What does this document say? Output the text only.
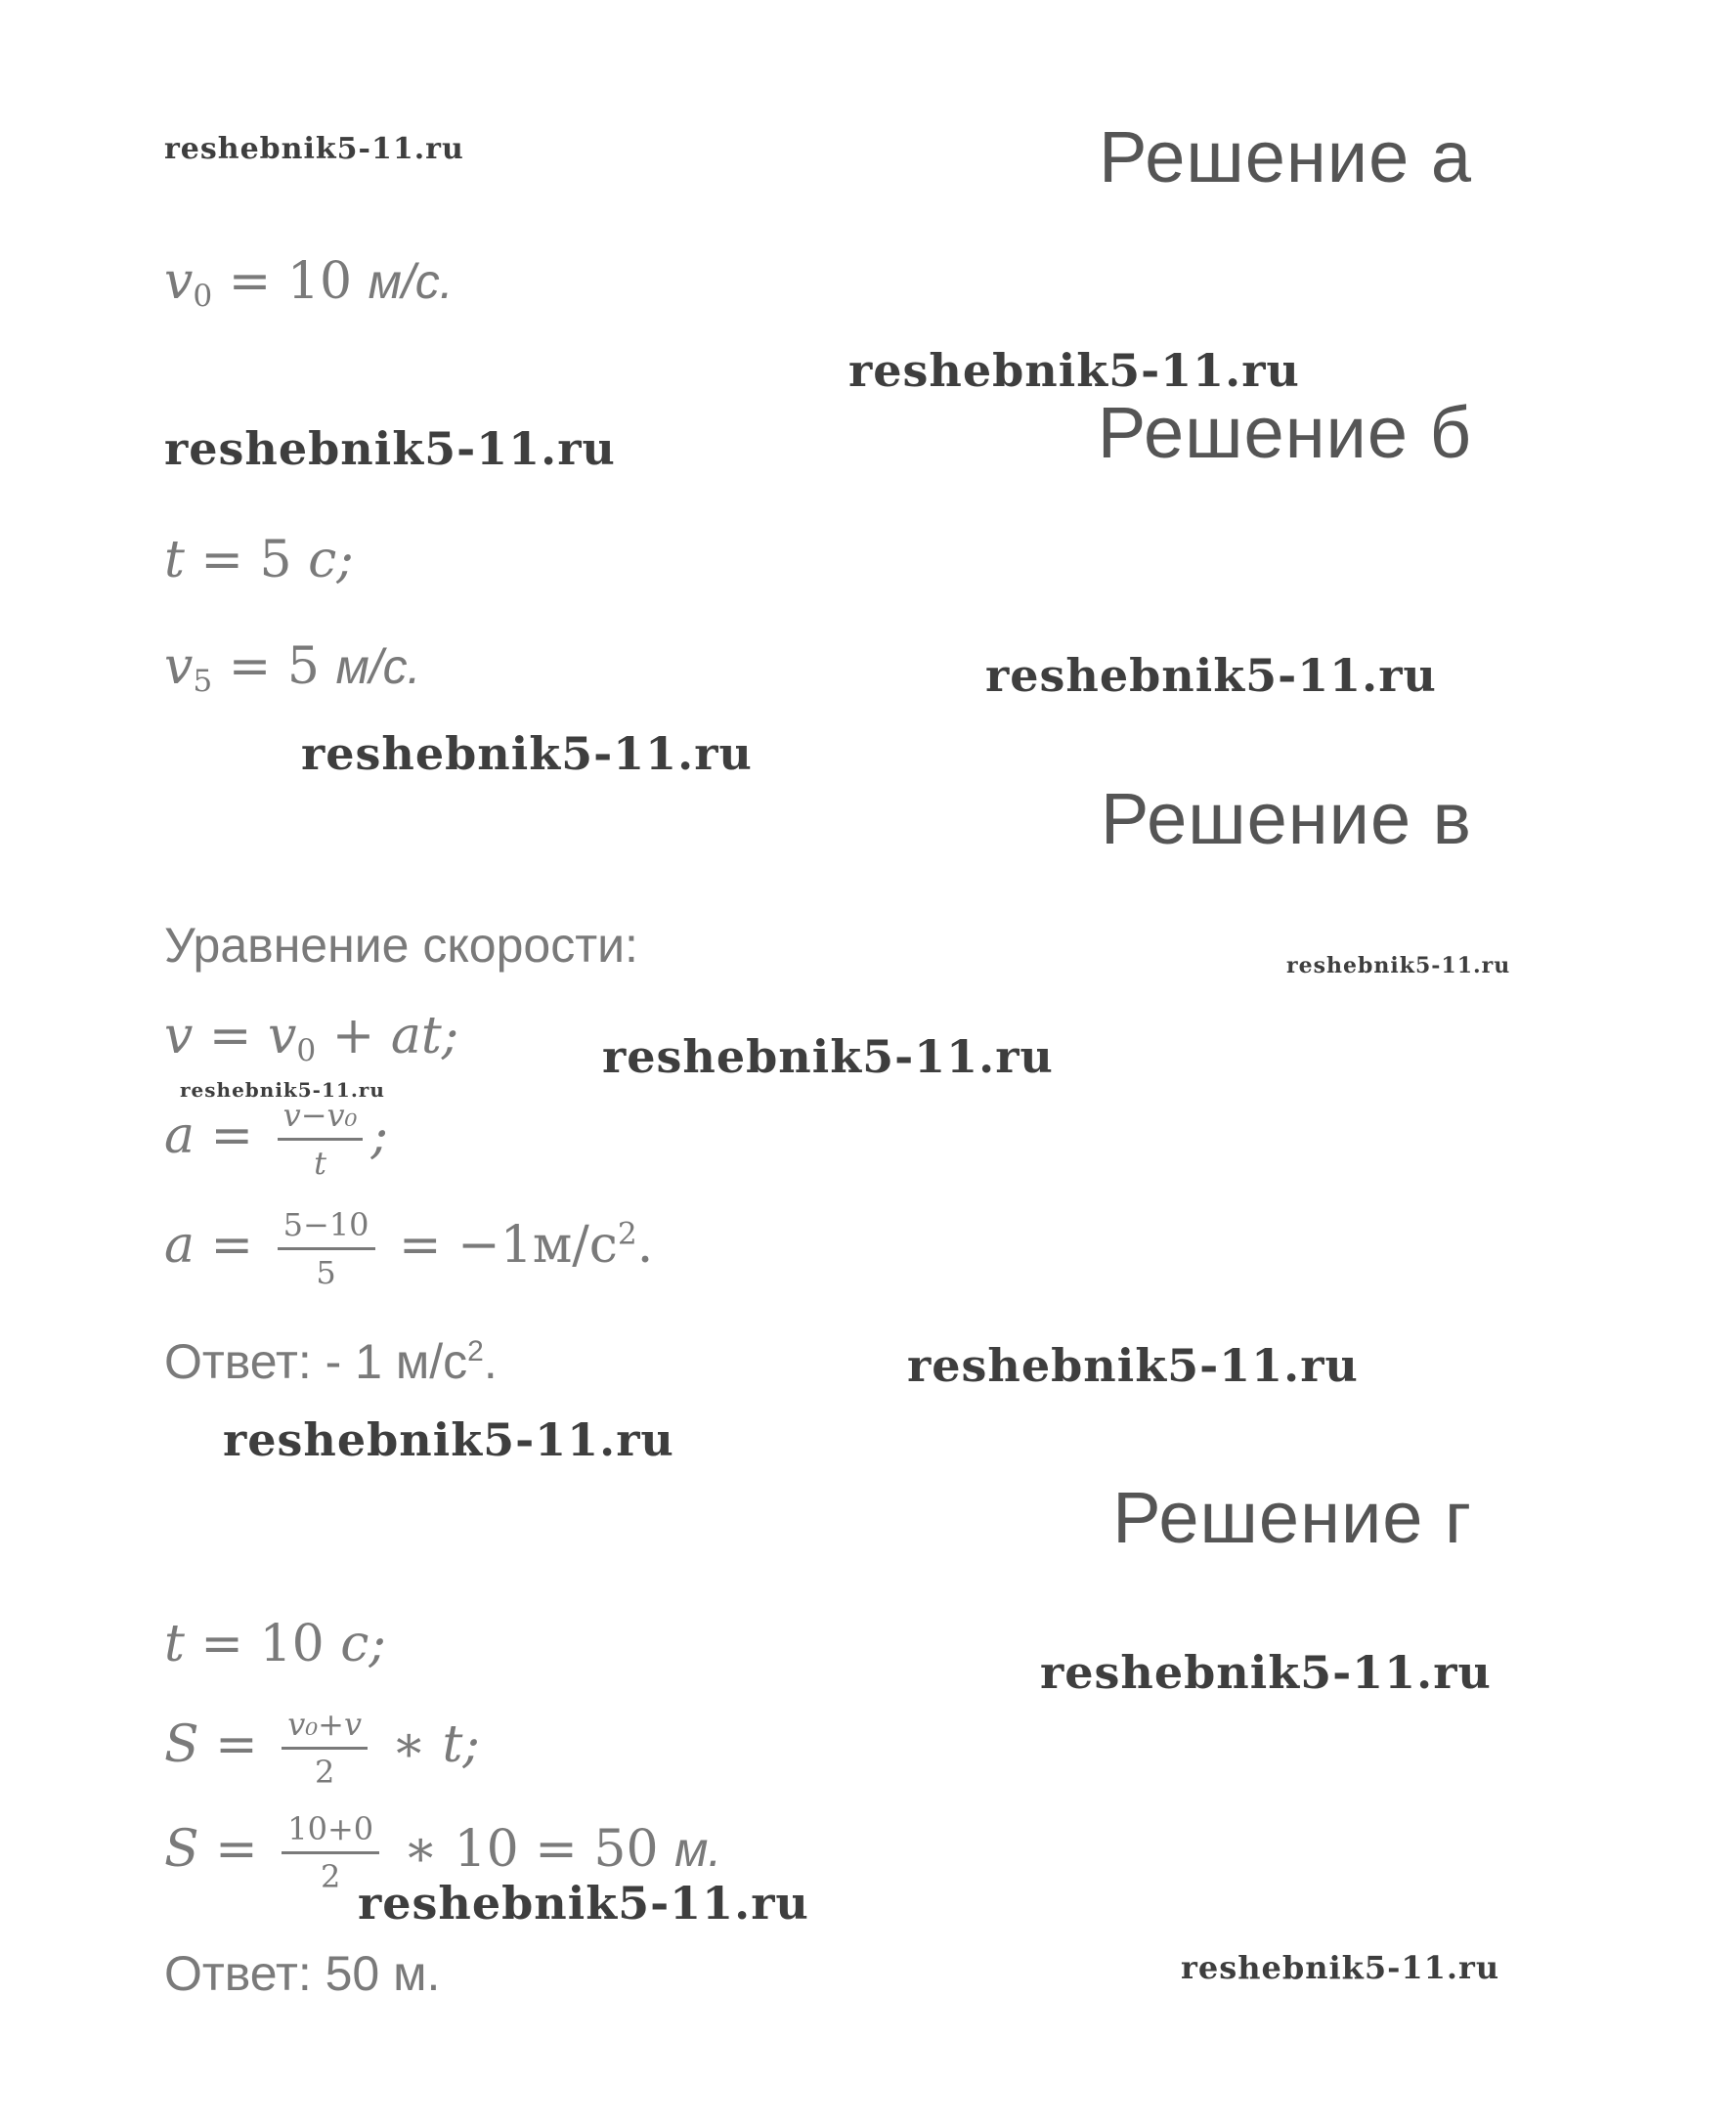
reshebnik5-11.ru
reshebnik5-11.ru
reshebnik5-11.ru
reshebnik5-11.ru
reshebnik5-11.ru
reshebnik5-11.ru
reshebnik5-11.ru
reshebnik5-11.ru
reshebnik5-11.ru
reshebnik5-11.ru
reshebnik5-11.ru
reshebnik5-11.ru
reshebnik5-11.ru
Решение а
$v_0 = 10$ м/с.
Решение б
t = 5 c;
$v_5 = 5$ м/с.
Решение в
Уравнение скорости:
$v = v_0$ + at;
$a = \frac{\text{v−v₀}}{t}$ ;
$a = \frac{5-10}{5} = -1м/с^2$.
Ответ: - 1 $м/с^2$.
Решение г
t = 10 c;
$S = \frac{\text{v₀+v}}{2}$ ∗ t;
$S = \frac{10+0}{2}$ ∗ 10 = 50 м.
Ответ: 50 м.
